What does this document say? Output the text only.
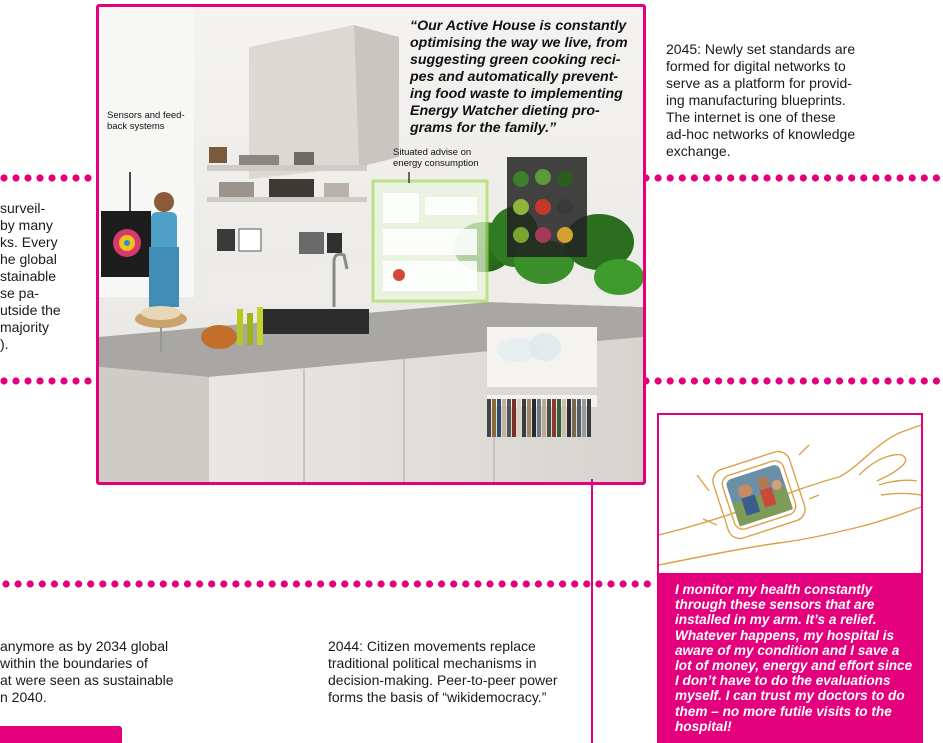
surveil-

by many

ks. Every

he global

stainable

se pa-

utside the

majority

).

2045: Newly set standards are

formed for digital networks to

serve as a platform for provid-

ing manufacturing blueprints.

The internet is one of these

ad-hoc networks of knowledge

exchange.

“Our Active House is constantly optimising the way we live, from suggesting green cooking reci-pes and automatically prevent-ing food waste to implementing Energy Watcher dieting pro-grams for the family.”
Sensors and feed-back systems
Situated advise on energy consumption

I monitor my health constantly through these sensors that are installed in my arm. It’s a relief. Whatever happens, my hospital is aware of my condition and I save a lot of money, energy and effort since I don’t have to do the evaluations myself. I can trust my doctors to do them – no more futile visits to the hospital!

anymore as by 2034 global

within the boundaries of

at were seen as sustainable

n 2040.

2044: Citizen movements replace

traditional political mechanisms in

decision-making. Peer-to-peer power

forms the basis of “wikidemocracy.”
